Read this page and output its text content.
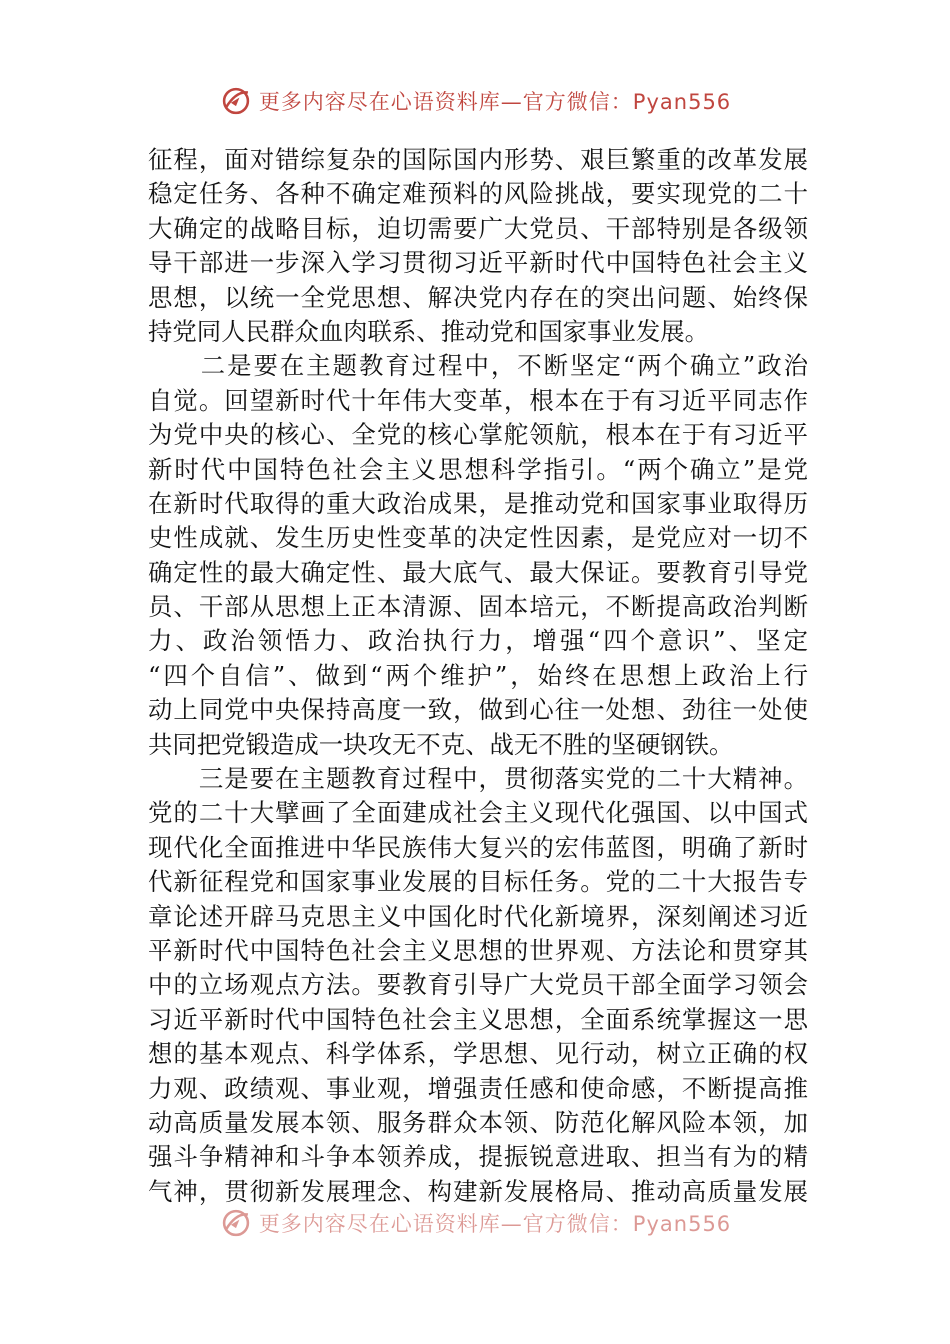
更多内容尽在心语资料库—官方微信：Pyan556
征程，面对错综复杂的国际国内形势、艰巨繁重的改革发展
稳定任务、各种不确定难预料的风险挑战，要实现党的二十
大确定的战略目标，迫切需要广大党员、干部特别是各级领
导干部进一步深入学习贯彻习近平新时代中国特色社会主义
思想，以统一全党思想、解决党内存在的突出问题、始终保
持党同人民群众血肉联系、推动党和国家事业发展。
　　二是要在主题教育过程中，不断坚定“两个确立”政治
自觉。回望新时代十年伟大变革，根本在于有习近平同志作
为党中央的核心、全党的核心掌舵领航，根本在于有习近平
新时代中国特色社会主义思想科学指引。“两个确立”是党
在新时代取得的重大政治成果，是推动党和国家事业取得历
史性成就、发生历史性变革的决定性因素，是党应对一切不
确定性的最大确定性、最大底气、最大保证。要教育引导党
员、干部从思想上正本清源、固本培元，不断提高政治判断
力、政治领悟力、政治执行力，增强“四个意识”、坚定
“四个自信”、做到“两个维护”，始终在思想上政治上行
动上同党中央保持高度一致，做到心往一处想、劲往一处使
共同把党锻造成一块攻无不克、战无不胜的坚硬钢铁。
　　三是要在主题教育过程中，贯彻落实党的二十大精神。
党的二十大擘画了全面建成社会主义现代化强国、以中国式
现代化全面推进中华民族伟大复兴的宏伟蓝图，明确了新时
代新征程党和国家事业发展的目标任务。党的二十大报告专
章论述开辟马克思主义中国化时代化新境界，深刻阐述习近
平新时代中国特色社会主义思想的世界观、方法论和贯穿其
中的立场观点方法。要教育引导广大党员干部全面学习领会
习近平新时代中国特色社会主义思想，全面系统掌握这一思
想的基本观点、科学体系，学思想、见行动，树立正确的权
力观、政绩观、事业观，增强责任感和使命感，不断提高推
动高质量发展本领、服务群众本领、防范化解风险本领，加
强斗争精神和斗争本领养成，提振锐意进取、担当有为的精
气神，贯彻新发展理念、构建新发展格局、推动高质量发展
更多内容尽在心语资料库—官方微信：Pyan556
